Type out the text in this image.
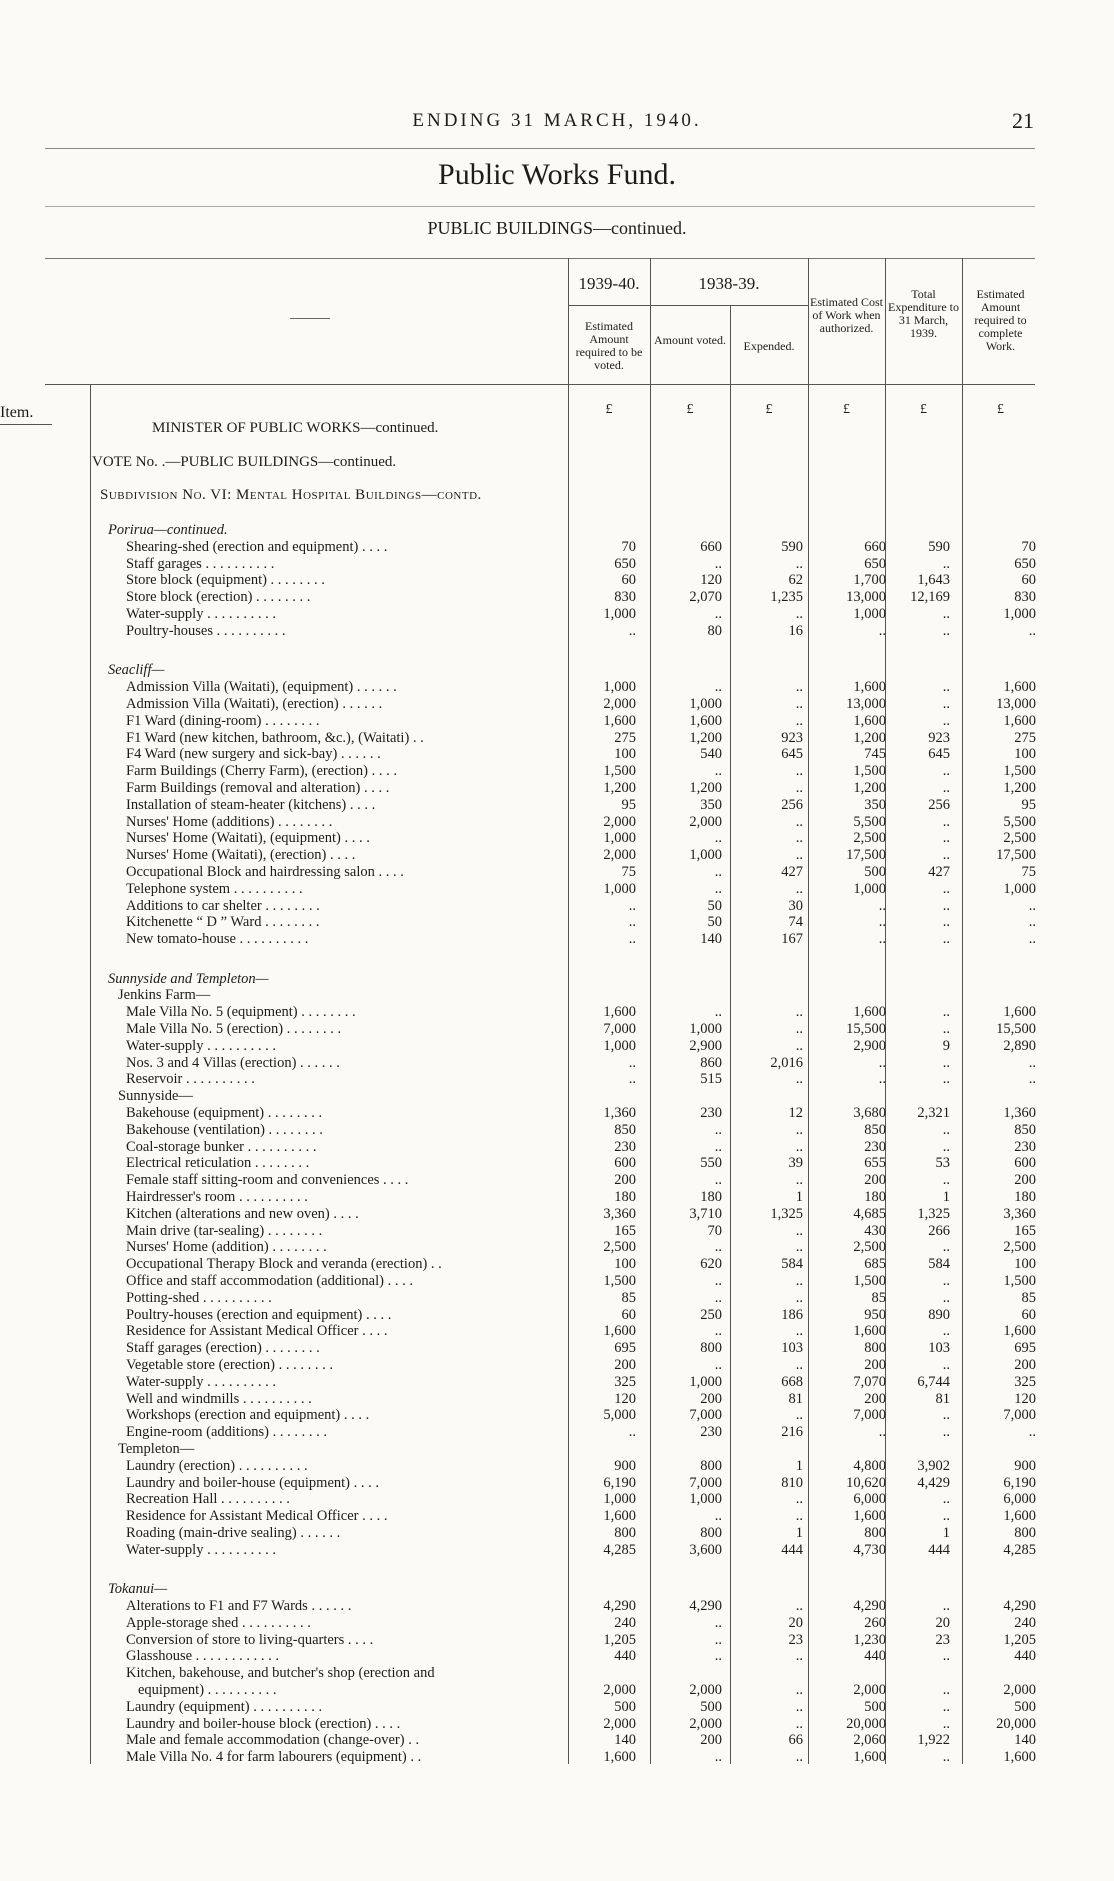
ENDING 31 MARCH, 1940.	21
Public Works Fund.
PUBLIC BUILDINGS—continued.
1939-40.	1938-39.
Estimated Amount required to be voted.
Amount voted.	Expended.
Estimated Cost of Work when authorized.
Total Expenditure to 31 March, 1939.
Estimated Amount required to complete Work.
£	£	£	£	£	£
Item.
MINISTER OF PUBLIC WORKS—continued.
VOTE No. .—PUBLIC BUILDINGS—continued.
Subdivision No. VI: Mental Hospital Buildings—contd.
Porirua—continued.
Shearing-shed (erection and equipment) . . . .	70	660	590	660	590	70
Staff garages . . . . . . . . . .	650	..	..	650	..	650
Store block (equipment) . . . . . . . .	60	120	62	1,700	1,643	60
Store block (erection) . . . . . . . .	830	2,070	1,235	13,000	12,169	830
Water-supply . . . . . . . . . .	1,000	..	..	1,000	..	1,000
Poultry-houses . . . . . . . . . .	..	80	16	..	..	..
Seacliff—
Admission Villa (Waitati), (equipment) . . . . . .	1,000	..	..	1,600	..	1,600
Admission Villa (Waitati), (erection) . . . . . .	2,000	1,000	..	13,000	..	13,000
F1 Ward (dining-room) . . . . . . . .	1,600	1,600	..	1,600	..	1,600
F1 Ward (new kitchen, bathroom, &c.), (Waitati) . .	275	1,200	923	1,200	923	275
F4 Ward (new surgery and sick-bay) . . . . . .	100	540	645	745	645	100
Farm Buildings (Cherry Farm), (erection) . . . .	1,500	..	..	1,500	..	1,500
Farm Buildings (removal and alteration) . . . .	1,200	1,200	..	1,200	..	1,200
Installation of steam-heater (kitchens) . . . .	95	350	256	350	256	95
Nurses' Home (additions) . . . . . . . .	2,000	2,000	..	5,500	..	5,500
Nurses' Home (Waitati), (equipment) . . . .	1,000	..	..	2,500	..	2,500
Nurses' Home (Waitati), (erection) . . . .	2,000	1,000	..	17,500	..	17,500
Occupational Block and hairdressing salon . . . .	75	..	427	500	427	75
Telephone system . . . . . . . . . .	1,000	..	..	1,000	..	1,000
Additions to car shelter . . . . . . . .	..	50	30	..	..	..
Kitchenette “ D ” Ward . . . . . . . .	..	50	74	..	..	..
New tomato-house . . . . . . . . . .	..	140	167	..	..	..
Sunnyside and Templeton—
Jenkins Farm—
Male Villa No. 5 (equipment) . . . . . . . .	1,600	..	..	1,600	..	1,600
Male Villa No. 5 (erection) . . . . . . . .	7,000	1,000	..	15,500	..	15,500
Water-supply . . . . . . . . . .	1,000	2,900	..	2,900	9	2,890
Nos. 3 and 4 Villas (erection) . . . . . .	..	860	2,016	..	..	..
Reservoir . . . . . . . . . .	..	515	..	..	..	..
Sunnyside—
Bakehouse (equipment) . . . . . . . .	1,360	230	12	3,680	2,321	1,360
Bakehouse (ventilation) . . . . . . . .	850	..	..	850	..	850
Coal-storage bunker . . . . . . . . . .	230	..	..	230	..	230
Electrical reticulation . . . . . . . .	600	550	39	655	53	600
Female staff sitting-room and conveniences . . . .	200	..	..	200	..	200
Hairdresser's room . . . . . . . . . .	180	180	1	180	1	180
Kitchen (alterations and new oven) . . . .	3,360	3,710	1,325	4,685	1,325	3,360
Main drive (tar-sealing) . . . . . . . .	165	70	..	430	266	165
Nurses' Home (addition) . . . . . . . .	2,500	..	..	2,500	..	2,500
Occupational Therapy Block and veranda (erection) . .	100	620	584	685	584	100
Office and staff accommodation (additional) . . . .	1,500	..	..	1,500	..	1,500
Potting-shed . . . . . . . . . .	85	..	..	85	..	85
Poultry-houses (erection and equipment) . . . .	60	250	186	950	890	60
Residence for Assistant Medical Officer . . . .	1,600	..	..	1,600	..	1,600
Staff garages (erection) . . . . . . . .	695	800	103	800	103	695
Vegetable store (erection) . . . . . . . .	200	..	..	200	..	200
Water-supply . . . . . . . . . .	325	1,000	668	7,070	6,744	325
Well and windmills . . . . . . . . . .	120	200	81	200	81	120
Workshops (erection and equipment) . . . .	5,000	7,000	..	7,000	..	7,000
Engine-room (additions) . . . . . . . .	..	230	216	..	..	..
Templeton—
Laundry (erection) . . . . . . . . . .	900	800	1	4,800	3,902	900
Laundry and boiler-house (equipment) . . . .	6,190	7,000	810	10,620	4,429	6,190
Recreation Hall . . . . . . . . . .	1,000	1,000	..	6,000	..	6,000
Residence for Assistant Medical Officer . . . .	1,600	..	..	1,600	..	1,600
Roading (main-drive sealing) . . . . . .	800	800	1	800	1	800
Water-supply . . . . . . . . . .	4,285	3,600	444	4,730	444	4,285
Tokanui—
Alterations to F1 and F7 Wards . . . . . .	4,290	4,290	..	4,290	..	4,290
Apple-storage shed . . . . . . . . . .	240	..	20	260	20	240
Conversion of store to living-quarters . . . .	1,205	..	23	1,230	23	1,205
Glasshouse . . . . . . . . . . . .	440	..	..	440	..	440
Kitchen, bakehouse, and butcher's shop (erection and
equipment) . . . . . . . . . .	2,000	2,000	..	2,000	..	2,000
Laundry (equipment) . . . . . . . . . .	500	500	..	500	..	500
Laundry and boiler-house block (erection) . . . .	2,000	2,000	..	20,000	..	20,000
Male and female accommodation (change-over) . .	140	200	66	2,060	1,922	140
Male Villa No. 4 for farm labourers (equipment) . .	1,600	..	..	1,600	..	1,600
